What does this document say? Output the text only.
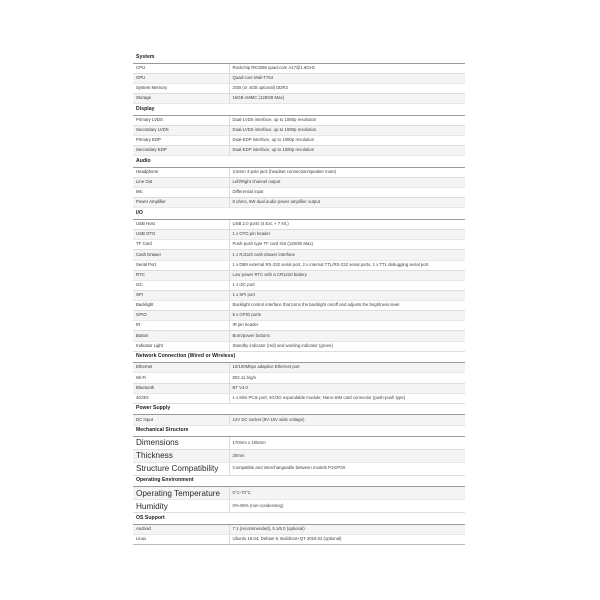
System	
CPU	Rockchip RK3288 quad-core A17@1.8GHz
GPU	Quad-core Mali-T764
System Memory	2GB (or 4GB optional) DDR3
Storage	16GB eMMC (128GB Max)
Display	
Primary LVDS	Dual-LVDS interface, up to 1080p resolution
Secondary LVDS	Dual-LVDS interface, up to 1080p resolution
Primary EDP	Dual-EDP interface, up to 1080p resolution
Secondary EDP	Dual-EDP interface, up to 1080p resolution
Audio	
Headphone	3.5mm 4-pole jack (headset connection/speaker mute)
Line Out	Left/Right channel output
Mic	Differential input
Power Amplifier	8 ohms, 6W dual audio power amplifier output
I/O	
USB Host	USB 2.0 ports (4 Ext. + 7 Int.)
USB OTG	1 x OTG pin header
TF Card	Push-push type TF card slot (128GB Max)
Cash Drawer	1 x RJ11/6 cash drawer interface
Serial Port	1 x DB9 external RS-232 serial port, 2 x internal TTL/RS-232 serial ports, 1 x TTL debugging serial port
RTC	Low power RTC with a CR1220 battery
I2C	1 x I2C port
SPI	1 x SPI port
Backlight	Backlight control interface that turns the backlight on/off and adjusts the brightness level
GPIO	5 x GPIO ports
IR	IR pin header
Button	Burn/power buttons
Indicator Light	Standby indicator (red) and working indicator (green)
Network Connection (Wired or Wireless)	
Ethernet	10/100Mbps adaptive Ethernet port
Wi-Fi	802.11 b/g/n
Bluetooth	BT V4.0
4G/3G	1 x Mini PCIe port; 4G/3G expandable module; Nano-SIM card connector (push-push type)
Power Supply	
DC Input	12V DC socket (9V-15V wide voltage)
Mechanical Structure	
Dimensions	170mm x 105mm
Thickness	20mm
Structure Compatibility	Compatible and interchangeable between models P1X/P3X
Operating Environment	
Operating Temperature	0°C-70°C
Humidity	0%-95% (non-condensing)
OS Support	
Android	7.1 (recommended), 5.1/6.0 (optional)
Linux	Ubuntu 18.04, Debian 9, Buildroot+QT 2019.02 (optional)
